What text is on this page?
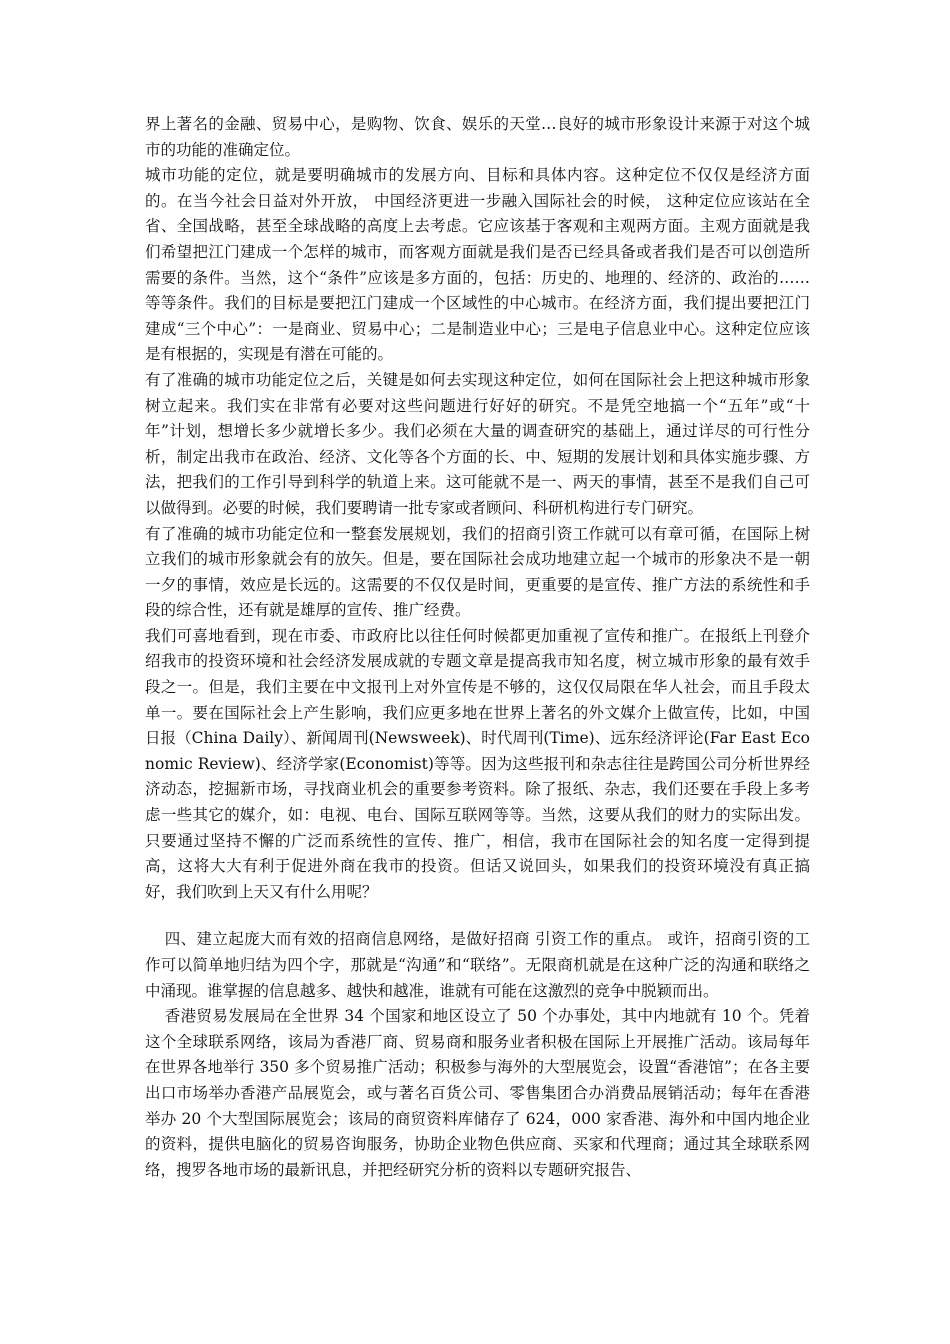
界上著名的金融、贸易中心，是购物、饮食、娱乐的天堂…良好的城市形象设计来源于对这个城市的功能的准确定位。

城市功能的定位，就是要明确城市的发展方向、目标和具体内容。这种定位不仅仅是经济方面的。在当今社会日益对外开放， 中国经济更进一步融入国际社会的时候， 这种定位应该站在全省、全国战略，甚至全球战略的高度上去考虑。它应该基于客观和主观两方面。主观方面就是我们希望把江门建成一个怎样的城市，而客观方面就是我们是否已经具备或者我们是否可以创造所需要的条件。当然，这个“条件”应该是多方面的，包括：历史的、地理的、经济的、政治的……等等条件。我们的目标是要把江门建成一个区域性的中心城市。在经济方面，我们提出要把江门建成“三个中心”：一是商业、贸易中心；二是制造业中心；三是电子信息业中心。这种定位应该是有根据的，实现是有潜在可能的。

有了准确的城市功能定位之后，关键是如何去实现这种定位，如何在国际社会上把这种城市形象树立起来。我们实在非常有必要对这些问题进行好好的研究。不是凭空地搞一个“五年”或“十年”计划，想增长多少就增长多少。我们必须在大量的调查研究的基础上，通过详尽的可行性分析，制定出我市在政治、经济、文化等各个方面的长、中、短期的发展计划和具体实施步骤、方法，把我们的工作引导到科学的轨道上来。这可能就不是一、两天的事情，甚至不是我们自己可以做得到。必要的时候，我们要聘请一批专家或者顾问、科研机构进行专门研究。

有了准确的城市功能定位和一整套发展规划，我们的招商引资工作就可以有章可循，在国际上树立我们的城市形象就会有的放矢。但是，要在国际社会成功地建立起一个城市的形象决不是一朝一夕的事情，效应是长远的。这需要的不仅仅是时间，更重要的是宣传、推广方法的系统性和手段的综合性，还有就是雄厚的宣传、推广经费。

我们可喜地看到，现在市委、市政府比以往任何时候都更加重视了宣传和推广。在报纸上刊登介绍我市的投资环境和社会经济发展成就的专题文章是提高我市知名度，树立城市形象的最有效手段之一。但是，我们主要在中文报刊上对外宣传是不够的，这仅仅局限在华人社会，而且手段太单一。要在国际社会上产生影响，我们应更多地在世界上著名的外文媒介上做宣传，比如，中国日报（China Daily）、新闻周刊(Newsweek)、时代周刊(Time)、远东经济评论(Far East Economic Review)、经济学家(Economist)等等。因为这些报刊和杂志往往是跨国公司分析世界经济动态，挖掘新市场，寻找商业机会的重要参考资料。除了报纸、杂志，我们还要在手段上多考虑一些其它的媒介，如：电视、电台、国际互联网等等。当然，这要从我们的财力的实际出发。只要通过坚持不懈的广泛而系统性的宣传、推广，相信，我市在国际社会的知名度一定得到提高，这将大大有利于促进外商在我市的投资。但话又说回头，如果我们的投资环境没有真正搞好，我们吹到上天又有什么用呢？

四、建立起庞大而有效的招商信息网络，是做好招商 引资工作的重点。 或许，招商引资的工作可以简单地归结为四个字，那就是“沟通”和“联络”。无限商机就是在这种广泛的沟通和联络之中涌现。谁掌握的信息越多、越快和越准，谁就有可能在这激烈的竞争中脱颖而出。

香港贸易发展局在全世界 34 个国家和地区设立了 50 个办事处，其中内地就有 10 个。凭着这个全球联系网络，该局为香港厂商、贸易商和服务业者积极在国际上开展推广活动。该局每年在世界各地举行 350 多个贸易推广活动；积极参与海外的大型展览会，设置“香港馆”；在各主要出口市场举办香港产品展览会，或与著名百货公司、零售集团合办消费品展销活动；每年在香港举办 20 个大型国际展览会；该局的商贸资料库储存了 624，000 家香港、海外和中国内地企业的资料，提供电脑化的贸易咨询服务，协助企业物色供应商、买家和代理商；通过其全球联系网络，搜罗各地市场的最新讯息，并把经研究分析的资料以专题研究报告、
